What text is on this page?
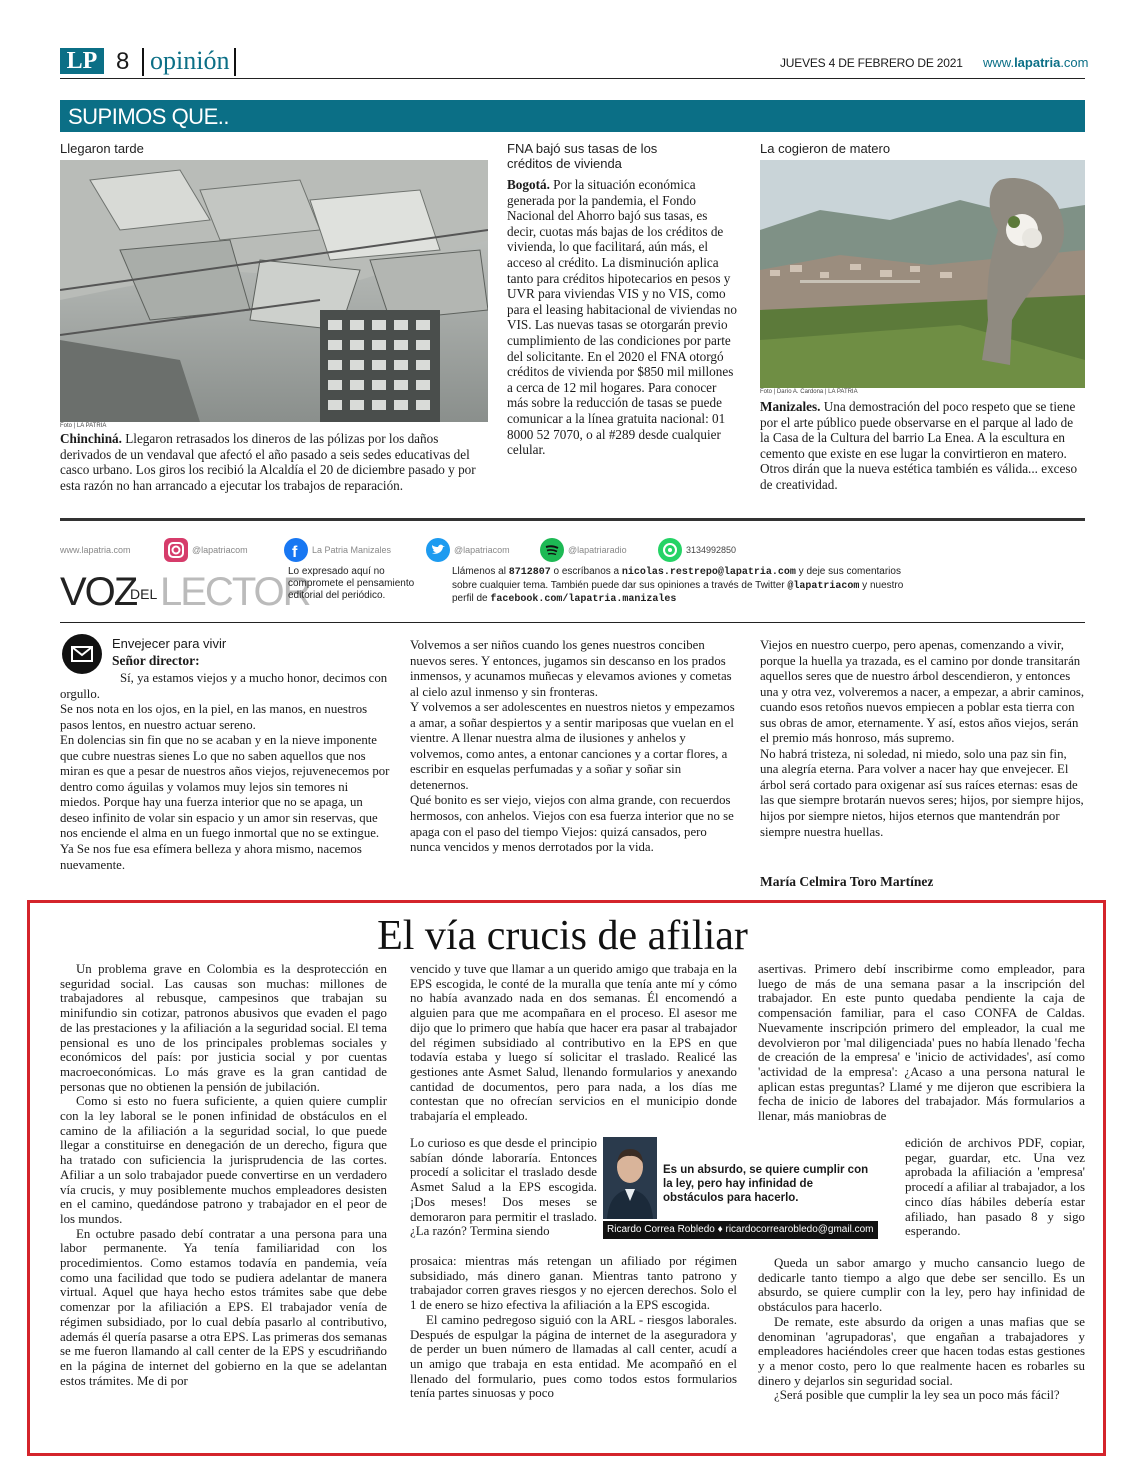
LP 8 opinión	JUEVES 4 DE FEBRERO DE 2021 www.lapatria.com
SUPIMOS QUE..
Llegaron tarde
Foto | LA PATRIA
Chinchiná. Llegaron retrasados los dineros de las pólizas por los daños derivados de un vendaval que afectó el año pasado a seis sedes educativas del casco urbano. Los giros los recibió la Alcaldía el 20 de diciembre pasado y por esta razón no han arrancado a ejecutar los trabajos de reparación.
FNA bajó sus tasas de los créditos de vivienda
Bogotá. Por la situación económica generada por la pandemia, el Fondo Nacional del Ahorro bajó sus tasas, es decir, cuotas más bajas de los créditos de vivienda, lo que facilitará, aún más, el acceso al crédito. La disminución aplica tanto para créditos hipotecarios en pesos y UVR para viviendas VIS y no VIS, como para el leasing habitacional de viviendas no VIS. Las nuevas tasas se otorgarán previo cumplimiento de las condiciones por parte del solicitante. En el 2020 el FNA otorgó créditos de vivienda por $850 mil millones a cerca de 12 mil hogares. Para conocer más sobre la reducción de tasas se puede comunicar a la línea gratuita nacional: 01 8000 52 7070, o al #289 desde cualquier celular.
La cogieron de matero
Foto | Darío A. Cardona | LA PATRIA
Manizales. Una demostración del poco respeto que se tiene por el arte público puede observarse en el parque al lado de la Casa de la Cultura del barrio La Enea. A la escultura en cemento que existe en ese lugar la convirtieron en matero. Otros dirán que la nueva estética también es válida... exceso de creatividad.
www.lapatria.com	@lapatriacom	f La Patria Manizales	@lapatriacom	@lapatriaradio	3134992850
VOZ
DEL LECTOR
Lo expresado aquí no compromete el pensamiento editorial del periódico.
Llámenos al 8712807 o escríbanos a nicolas.restrepo@lapatria.com y deje sus comentarios sobre cualquier tema. También puede dar sus opiniones a través de Twitter @lapatriacom y nuestro perfil de facebook.com/lapatria.manizales
Envejecer para vivir
Señor director:
Sí, ya estamos viejos y a mucho honor, decimos con orgullo.
Se nos nota en los ojos, en la piel, en las manos, en nuestros pasos lentos, en nuestro actuar sereno.
En dolencias sin fin que no se acaban y en la nieve imponente que cubre nuestras sienes Lo que no saben aquellos que nos miran es que a pesar de nuestros años viejos, rejuvenecemos por dentro como águilas y volamos muy lejos sin temores ni miedos. Porque hay una fuerza interior que no se apaga, un deseo infinito de volar sin espacio y un amor sin reservas, que nos enciende el alma en un fuego inmortal que no se extingue. Ya Se nos fue esa efímera belleza y ahora mismo, nacemos nuevamente.
Volvemos a ser niños cuando los genes nuestros conciben nuevos seres. Y entonces, jugamos sin descanso en los prados inmensos, y acunamos muñecas y elevamos aviones y cometas al cielo azul inmenso y sin fronteras.
Y volvemos a ser adolescentes en nuestros nietos y empezamos a amar, a soñar despiertos y a sentir mariposas que vuelan en el vientre. A llenar nuestra alma de ilusiones y anhelos y volvemos, como antes, a entonar canciones y a cortar flores, a escribir en esquelas perfumadas y a soñar y soñar sin detenernos.
Qué bonito es ser viejo, viejos con alma grande, con recuerdos hermosos, con anhelos. Viejos con esa fuerza interior que no se apaga con el paso del tiempo Viejos: quizá cansados, pero nunca vencidos y menos derrotados por la vida.
Viejos en nuestro cuerpo, pero apenas, comenzando a vivir, porque la huella ya trazada, es el camino por donde transitarán aquellos seres que de nuestro árbol descendieron, y entonces una y otra vez, volveremos a nacer, a empezar, a abrir caminos, cuando esos retoños nuevos empiecen a poblar esta tierra con sus obras de amor, eternamente. Y así, estos años viejos, serán el premio más honroso, más supremo.
No habrá tristeza, ni soledad, ni miedo, solo una paz sin fin, una alegría eterna. Para volver a nacer hay que envejecer. El árbol será cortado para oxigenar así sus raíces eternas: esas de las que siempre brotarán nuevos seres; hijos, por siempre hijos, hijos por siempre nietos, hijos eternos que mantendrán por siempre nuestra huellas.
María Celmira Toro Martínez
El vía crucis de afiliar

Un problema grave en Colombia es la desprotección en seguridad social. Las causas son muchas: millones de trabajadores al rebusque, campesinos que trabajan su minifundio sin cotizar, patronos abusivos que evaden el pago de las prestaciones y la afiliación a la seguridad social. El tema pensional es uno de los principales problemas sociales y económicos del país: por justicia social y por cuentas macroeconómicas. Lo más grave es la gran cantidad de personas que no obtienen la pensión de jubilación.

Como si esto no fuera suficiente, a quien quiere cumplir con la ley laboral se le ponen infinidad de obstáculos en el camino de la afiliación a la seguridad social, lo que puede llegar a constituirse en denegación de un derecho, figura que ha tratado con suficiencia la jurisprudencia de las cortes. Afiliar a un solo trabajador puede convertirse en un verdadero vía crucis, y muy posiblemente muchos empleadores desisten en el camino, quedándose patrono y trabajador en el peor de los mundos.

En octubre pasado debí contratar a una persona para una labor permanente. Ya tenía familiaridad con los procedimientos. Como estamos todavía en pandemia, veía como una facilidad que todo se pudiera adelantar de manera virtual. Aquel que haya hecho estos trámites sabe que debe comenzar por la afiliación a EPS. El trabajador venía de régimen subsidiado, por lo cual debía pasarlo al contributivo, además él quería pasarse a otra EPS. Las primeras dos semanas se me fueron llamando al call center de la EPS y escudriñando en la página de internet del gobierno en la que se adelantan estos trámites. Me di por

vencido y tuve que llamar a un querido amigo que trabaja en la EPS escogida, le conté de la muralla que tenía ante mí y cómo no había avanzado nada en dos semanas. Él encomendó a alguien para que me acompañara en el proceso. El asesor me dijo que lo primero que había que hacer era pasar al trabajador del régimen subsidiado al contributivo en la EPS en que todavía estaba y luego sí solicitar el traslado. Realicé las gestiones ante Asmet Salud, llenando formularios y anexando cantidad de documentos, pero para nada, a los días me contestan que no ofrecían servicios en el municipio donde trabajaría el empleado.

Lo curioso es que desde el principio sabían dónde laboraría. Entonces procedí a solicitar el traslado desde Asmet Salud a la EPS escogida. ¡Dos meses! Dos meses se demoraron para permitir el traslado. ¿La razón? Termina siendo

prosaica: mientras más retengan un afiliado por régimen subsidiado, más dinero ganan. Mientras tanto patrono y trabajador corren graves riesgos y no ejercen derechos. Solo el 1 de enero se hizo efectiva la afiliación a la EPS escogida.

El camino pedregoso siguió con la ARL - riesgos laborales. Después de espulgar la página de internet de la aseguradora y de perder un buen número de llamadas al call center, acudí a un amigo que trabaja en esta entidad. Me acompañó en el llenado del formulario, pues como todos estos formularios tenía partes sinuosas y poco

asertivas. Primero debí inscribirme como empleador, para luego de más de una semana pasar a la inscripción del trabajador. En este punto quedaba pendiente la caja de compensación familiar, para el caso CONFA de Caldas. Nuevamente inscripción primero del empleador, la cual me devolvieron por 'mal diligenciada' pues no había llenado 'fecha de creación de la empresa' e 'inicio de actividades', así como 'actividad de la empresa': ¿Acaso a una persona natural le aplican estas preguntas? Llamé y me dijeron que escribiera la fecha de inicio de labores del trabajador. Más formularios a llenar, más maniobras de

edición de archivos PDF, copiar, pegar, guardar, etc. Una vez aprobada la afiliación a 'empresa' procedí a afiliar al trabajador, a los cinco días hábiles debería estar afiliado, han pasado 8 y sigo esperando.

Queda un sabor amargo y mucho cansancio luego de dedicarle tanto tiempo a algo que debe ser sencillo. Es un absurdo, se quiere cumplir con la ley, pero hay infinidad de obstáculos para hacerlo.

De remate, este absurdo da origen a unas mafias que se denominan 'agrupadoras', que engañan a trabajadores y empleadores haciéndoles creer que hacen todas estas gestiones y a menor costo, pero lo que realmente hacen es robarles su dinero y dejarlos sin seguridad social.

¿Será posible que cumplir la ley sea un poco más fácil?

Es un absurdo, se quiere cumplir con la ley, pero hay infinidad de obstáculos para hacerlo.
Ricardo Correa Robledo ♦ ricardocorrearobledo@gmail.com
